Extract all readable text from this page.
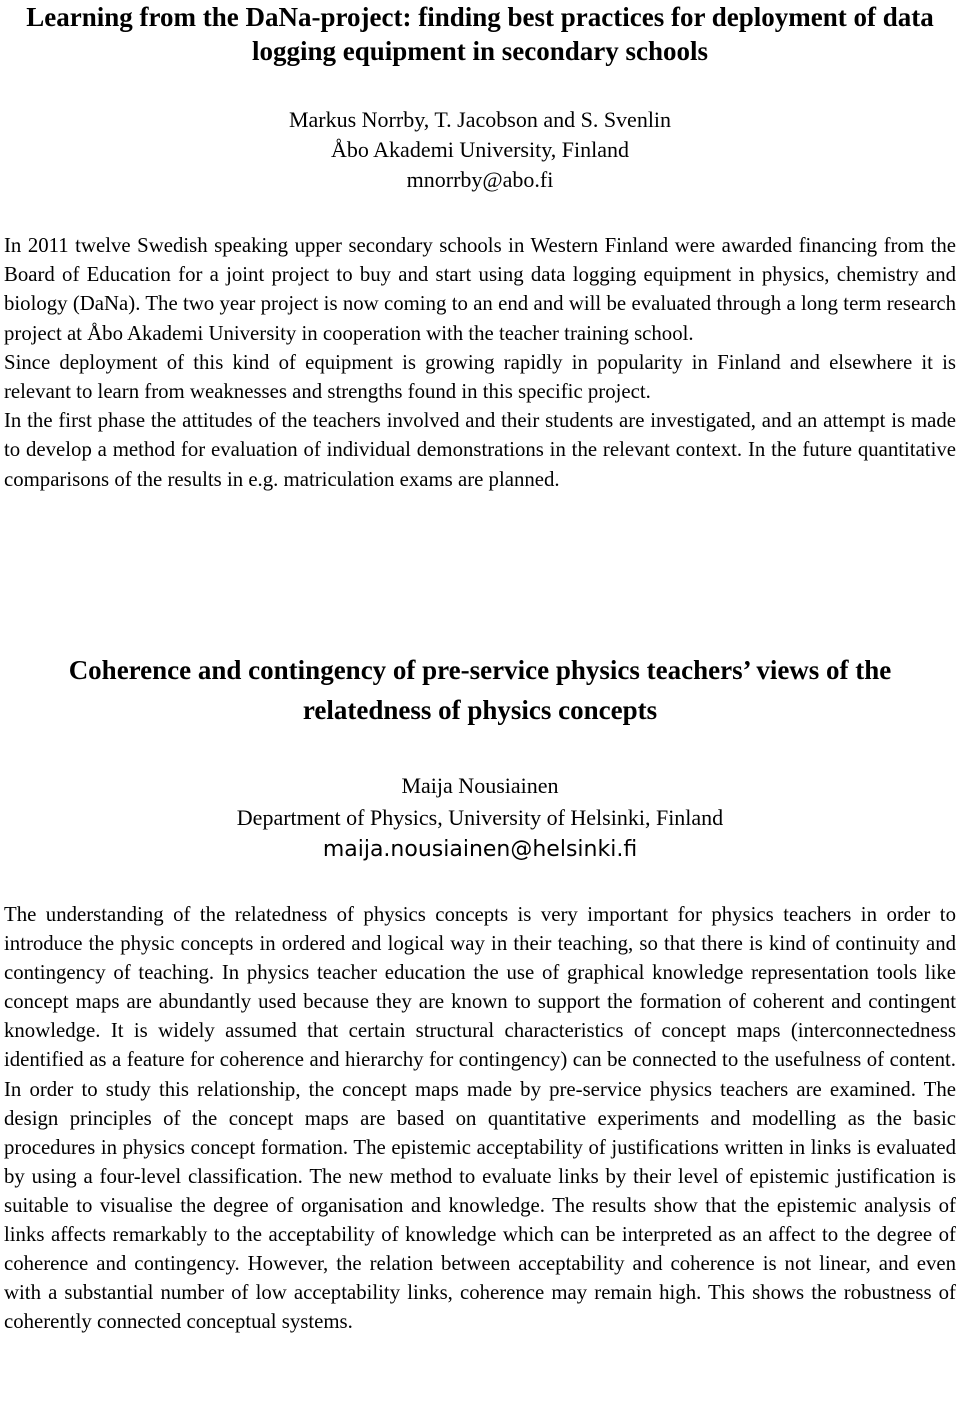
Learning from the DaNa-project: finding best practices for deployment of data logging equipment in secondary schools
Markus Norrby, T. Jacobson and S. Svenlin
Åbo Akademi University, Finland
mnorrby@abo.fi

In 2011 twelve Swedish speaking upper secondary schools in Western Finland were awarded financing from the Board of Education for a joint project to buy and start using data logging equipment in physics, chemistry and biology (DaNa). The two year project is now coming to an end and will be evaluated through a long term research project at Åbo Akademi University in cooperation with the teacher training school.

Since deployment of this kind of equipment is growing rapidly in popularity in Finland and elsewhere it is relevant to learn from weaknesses and strengths found in this specific project.

In the first phase the attitudes of the teachers involved and their students are investigated, and an attempt is made to develop a method for evaluation of individual demonstrations in the relevant context. In the future quantitative comparisons of the results in e.g. matriculation exams are planned.

Coherence and contingency of pre-service physics teachers’ views of the relatedness of physics concepts
Maija Nousiainen
Department of Physics, University of Helsinki, Finland
maija.nousiainen@helsinki.fi

The understanding of the relatedness of physics concepts is very important for physics teachers in order to introduce the physic concepts in ordered and logical way in their teaching, so that there is kind of continuity and contingency of teaching. In physics teacher education the use of graphical knowledge representation tools like concept maps are abundantly used because they are known to support the formation of coherent and contingent knowledge. It is widely assumed that certain structural characteristics of concept maps (interconnectedness identified as a feature for coherence and hierarchy for contingency) can be connected to the usefulness of content. In order to study this relationship, the concept maps made by pre-service physics teachers are examined. The design principles of the concept maps are based on quantitative experiments and modelling as the basic procedures in physics concept formation. The epistemic acceptability of justifications written in links is evaluated by using a four-level classification. The new method to evaluate links by their level of epistemic justification is suitable to visualise the degree of organisation and knowledge. The results show that the epistemic analysis of links affects remarkably to the acceptability of knowledge which can be interpreted as an affect to the degree of coherence and contingency. However, the relation between acceptability and coherence is not linear, and even with a substantial number of low acceptability links, coherence may remain high. This shows the robustness of coherently connected conceptual systems.
